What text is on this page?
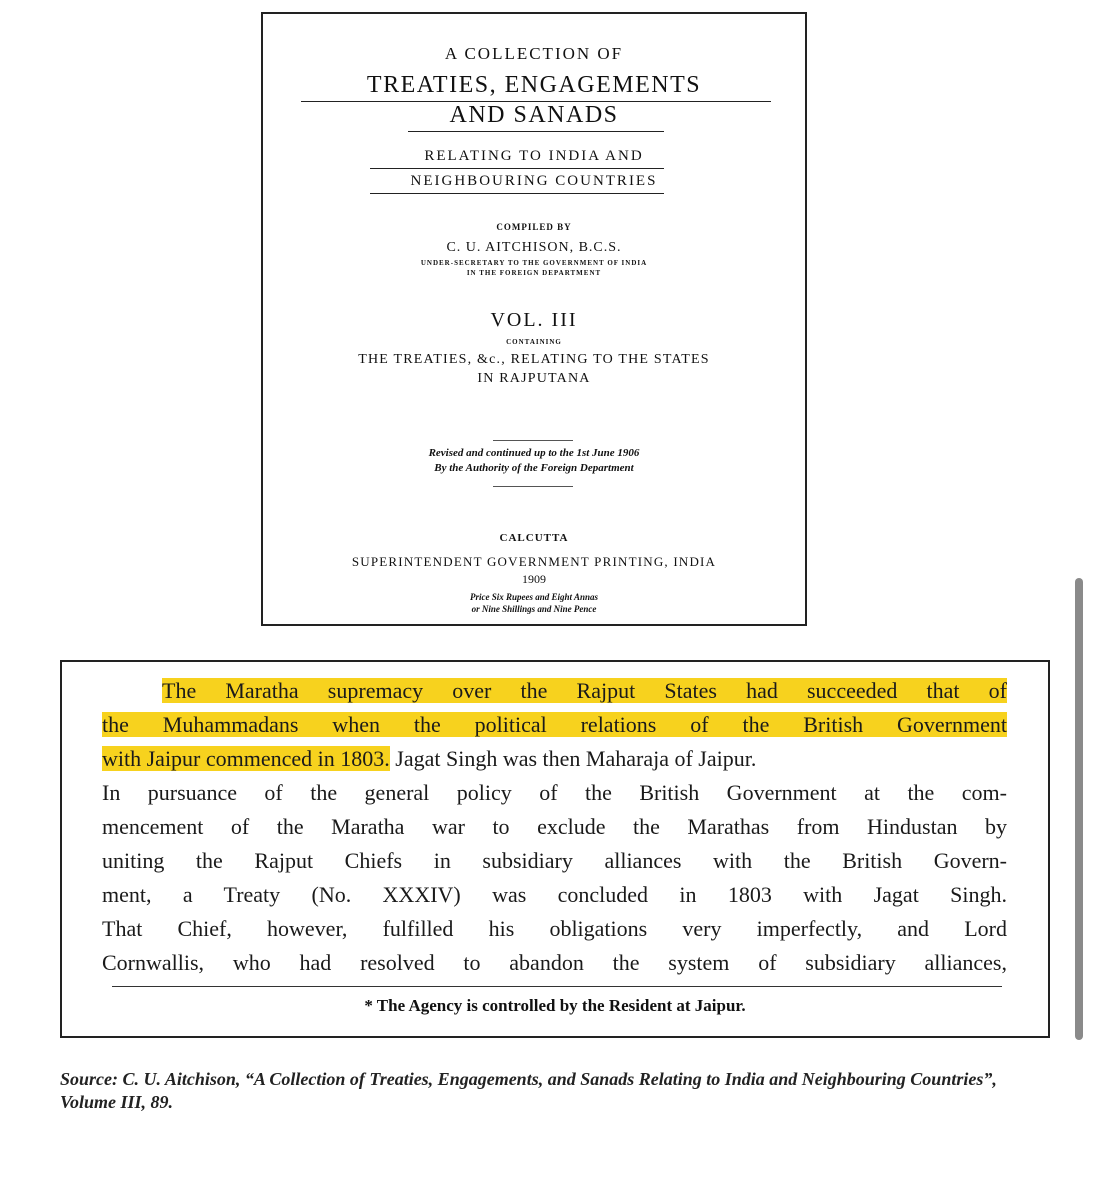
A COLLECTION OF
TREATIES, ENGAGEMENTS
AND SANADS
RELATING TO INDIA AND
NEIGHBOURING COUNTRIES
COMPILED BY
C. U. AITCHISON, B.C.S.
UNDER-SECRETARY TO THE GOVERNMENT OF INDIA
IN THE FOREIGN DEPARTMENT
VOL. III
CONTAINING
THE TREATIES, &c., RELATING TO THE STATES
IN RAJPUTANA
Revised and continued up to the 1st June 1906
By the Authority of the Foreign Department
CALCUTTA
SUPERINTENDENT GOVERNMENT PRINTING, INDIA
1909
Price Six Rupees and Eight Annas
or Nine Shillings and Nine Pence
The Maratha supremacy over the Rajput States had succeeded that of
the Muhammadans when the political relations of the British Government
with Jaipur commenced in 1803. Jagat Singh was then Maharaja of Jaipur.
In pursuance of the general policy of the British Government at the com-
mencement of the Maratha war to exclude the Marathas from Hindustan by
uniting the Rajput Chiefs in subsidiary alliances with the British Govern-
ment, a Treaty (No. XXXIV) was concluded in 1803 with Jagat Singh.
That Chief, however, fulfilled his obligations very imperfectly, and Lord
Cornwallis, who had resolved to abandon the system of subsidiary alliances,
* The Agency is controlled by the Resident at Jaipur.
Source: C. U. Aitchison, “A Collection of Treaties, Engagements, and Sanads Relating to India and Neighbouring Countries”, Volume III, 89.
